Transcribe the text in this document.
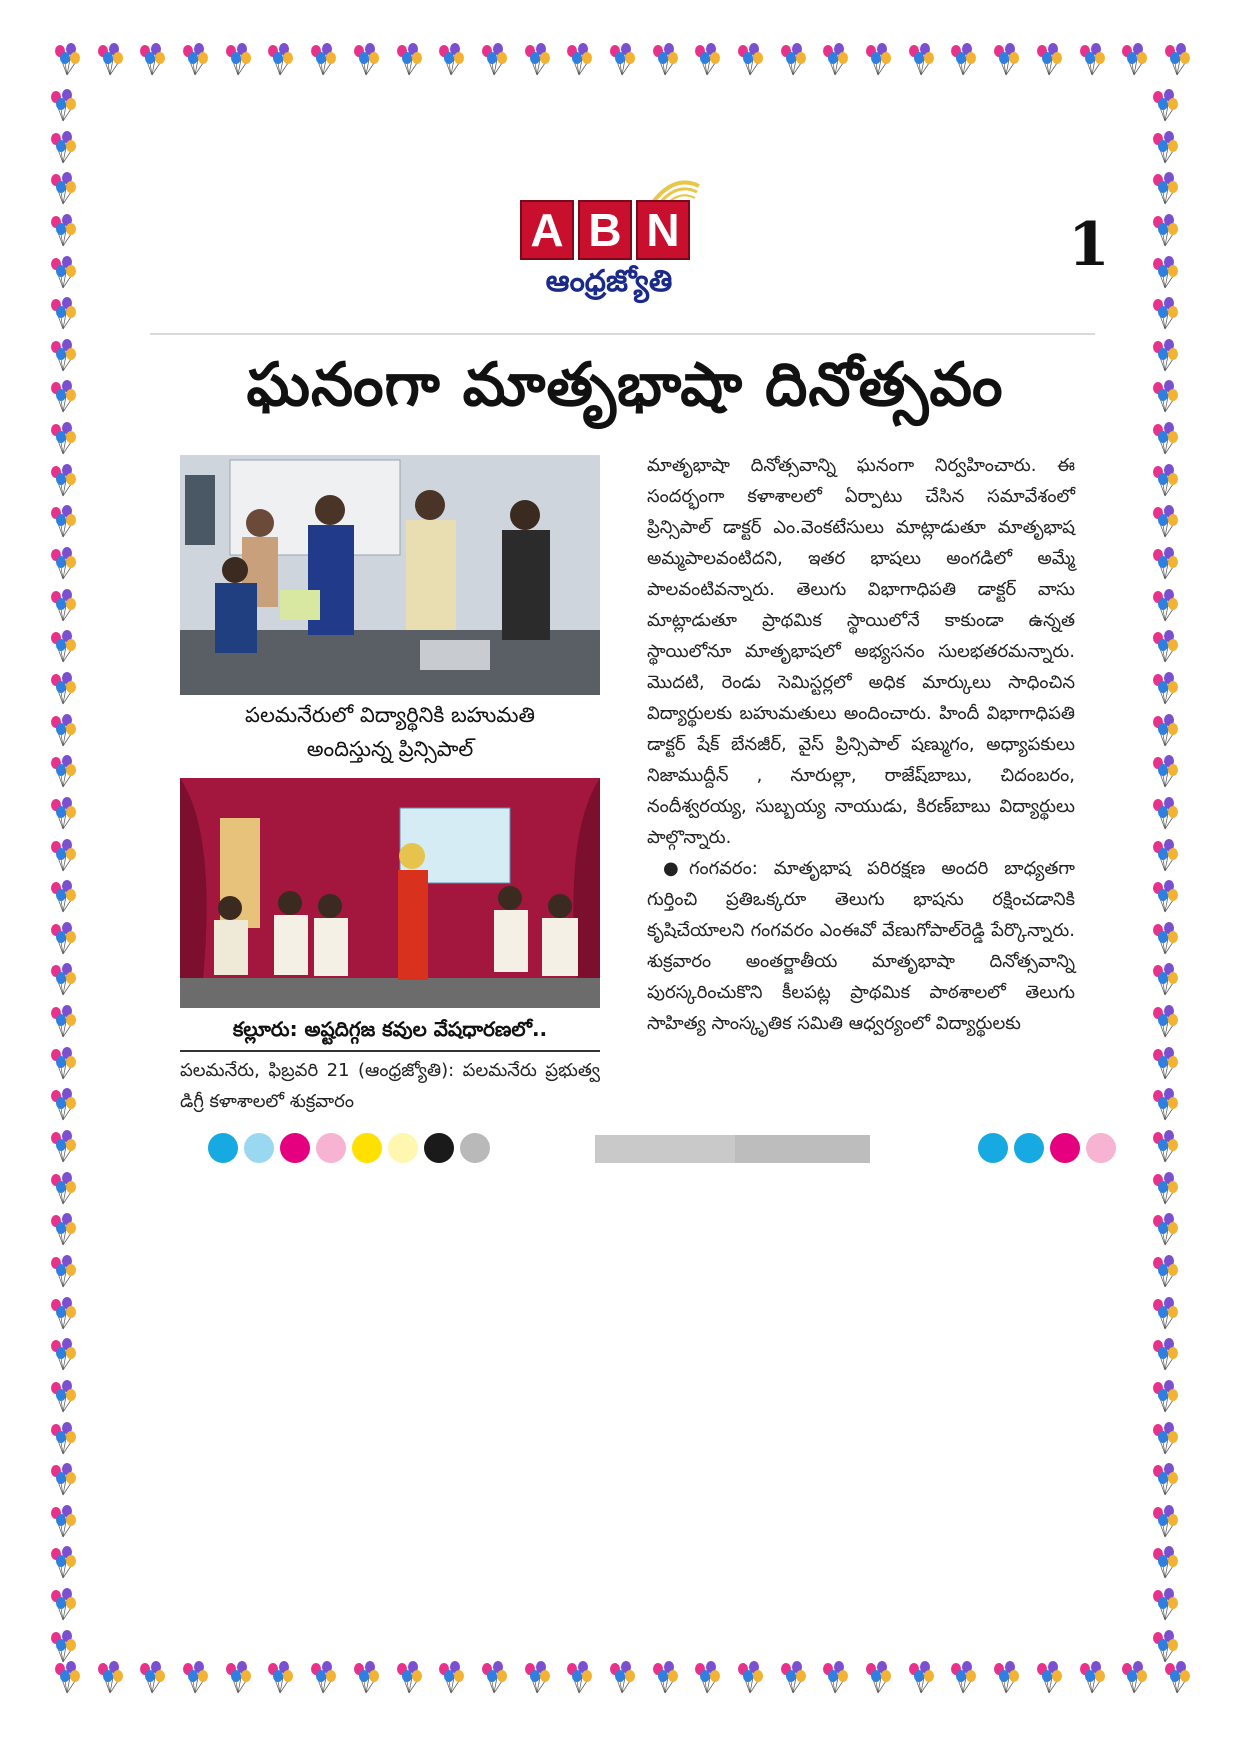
A B N
ఆంధ్రజ్యోతి
1
ఘనంగా మాతృభాషా దినోత్సవం
పలమనేరులో విద్యార్థినికి బహుమతి
అందిస్తున్న ప్రిన్సిపాల్
కల్లూరు: అష్టదిగ్గజ కవుల వేషధారణలో..
పలమనేరు, ఫిబ్రవరి 21 (ఆంధ్రజ్యోతి): పలమనేరు ప్రభుత్వ డిగ్రీ కళాశాలలో శుక్రవారం

మాతృభాషా దినోత్సవాన్ని ఘనంగా నిర్వహించారు. ఈ సందర్భంగా కళాశాలలో ఏర్పాటు చేసిన సమావేశంలో ప్రిన్సిపాల్ డాక్టర్ ఎం.వెంకటేసులు మాట్లాడుతూ మాతృభాష అమ్మపాలవంటిదని, ఇతర భాషలు అంగడిలో అమ్మే పాలవంటివన్నారు. తెలుగు విభాగాధిపతి డాక్టర్ వాసు మాట్లాడుతూ ప్రాథమిక స్థాయిలోనే కాకుండా ఉన్నత స్థాయిలోనూ మాతృభాషలో అభ్యసనం సులభతరమన్నారు. మొదటి, రెండు సెమిస్టర్లలో అధిక మార్కులు సాధించిన విద్యార్థులకు బహుమతులు అందించారు. హిందీ విభాగాధిపతి డాక్టర్ షేక్ బేనజీర్, వైస్ ప్రిన్సిపాల్ షణ్ముగం, అధ్యాపకులు నిజాముద్దీన్ , నూరుల్లా, రాజేష్‌బాబు, చిదంబరం, నందీశ్వరయ్య, సుబ్బయ్య నాయుడు, కిరణ్‌బాబు విద్యార్థులు పాల్గొన్నారు.

●గంగవరం: మాతృభాష పరిరక్షణ అందరి బాధ్యతగా గుర్తించి ప్రతిఒక్కరూ తెలుగు భాషను రక్షించడానికి కృషిచేయాలని గంగవరం ఎంఈవో వేణుగోపాల్‌రెడ్డి పేర్కొన్నారు. శుక్రవారం అంతర్జాతీయ మాతృభాషా దినోత్సవాన్ని పురస్కరించుకొని కీలపట్ల ప్రాథమిక పాఠశాలలో తెలుగు సాహిత్య సాంస్కృతిక సమితి ఆధ్వర్యంలో విద్యార్థులకు
